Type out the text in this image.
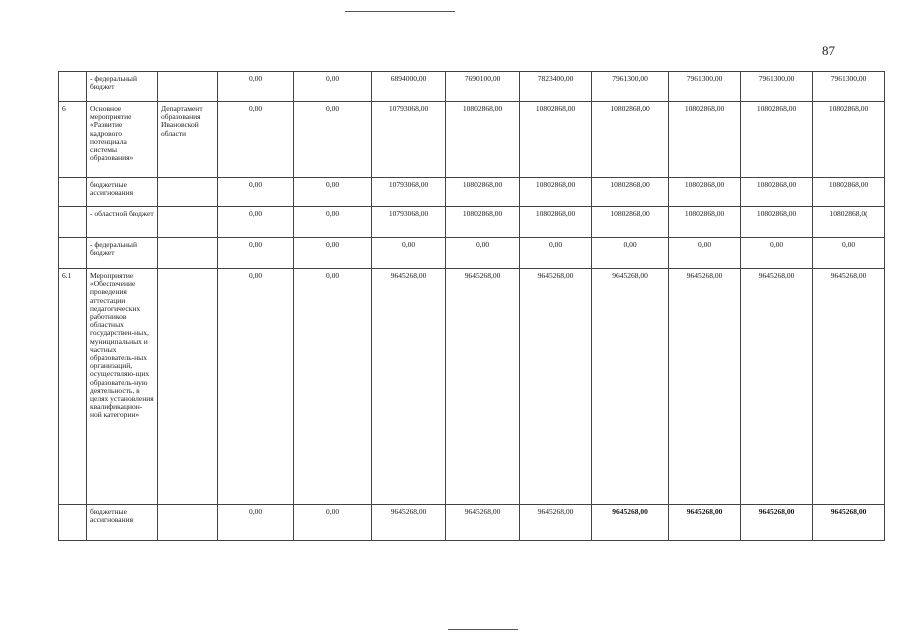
87
	- федеральный бюджет		0,00	0,00	6894000,00	7690100,00	7823400,00	7961300,00	7961300,00	7961300,00	7961300,00
6	Основное мероприятие «Развитие кадрового потенциала системы образования»	Департамент образования Ивановской области	0,00	0,00	10793068,00	10802868,00	10802868,00	10802868,00	10802868,00	10802868,00	10802868,00
	бюджетные ассигнования		0,00	0,00	10793068,00	10802868,00	10802868,00	10802868,00	10802868,00	10802868,00	10802868,00
	- областной бюджет		0,00	0,00	10793068,00	10802868,00	10802868,00	10802868,00	10802868,00	10802868,00	10802868,0(
	- федеральный бюджет		0,00	0,00	0,00	0,00	0,00	0,00	0,00	0,00	0,00
6.1	Мероприятие «Обеспечение проведения аттестации педагогических работников областных государствен-ных, муниципальных и частных образователь-ных организаций, осуществляю-щих образователь-ную деятельность, в целях установления квалификацион-ной категории»		0,00	0,00	9645268,00	9645268,00	9645268,00	9645268,00	9645268,00	9645268,00	9645268,00
	бюджетные ассигнования		0,00	0,00	9645268,00	9645268,00	9645268,00	9645268,00	9645268,00	9645268,00	9645268,00
